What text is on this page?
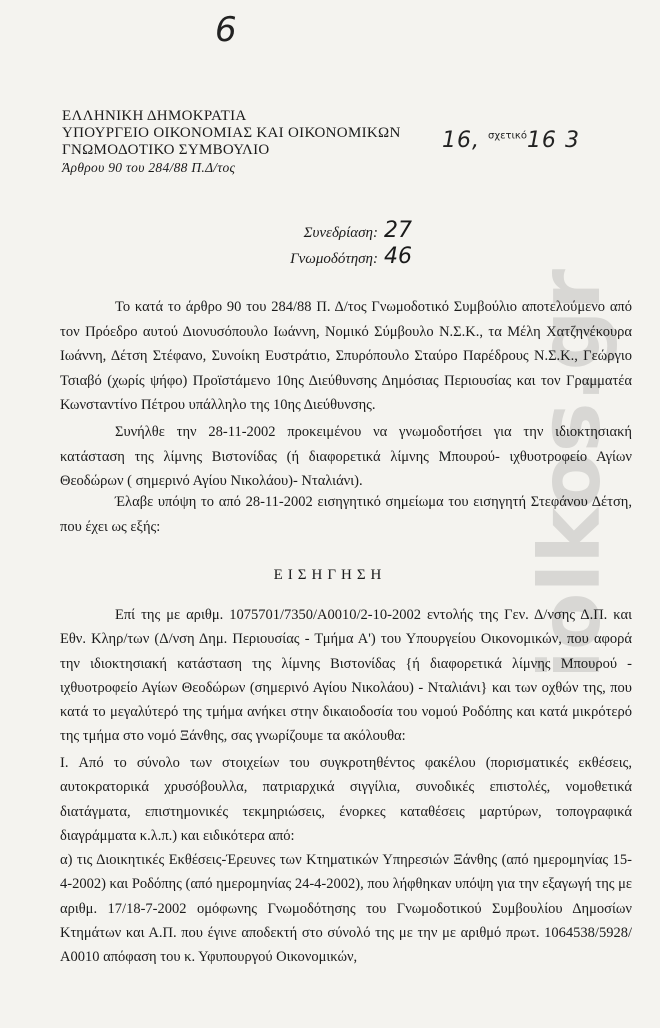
6
16, $^{\sigma\chi\varepsilon\tau\iota\kappa ό}$16 3
ΕΛΛΗΝΙΚΗ ΔΗΜΟΚΡΑΤΙΑ
ΥΠΟΥΡΓΕΙΟ ΟΙΚΟΝΟΜΙΑΣ ΚΑΙ ΟΙΚΟΝΟΜΙΚΩΝ
ΓΝΩΜΟΔΟΤΙΚΟ ΣΥΜΒΟΥΛΙΟ
Άρθρου 90 του 284/88 Π.Δ/τος
Συνεδρίαση: 27
Γνωμοδότηση: 46

Το κατά το άρθρο 90 του 284/88 Π. Δ/τος Γνωμοδοτικό Συμβούλιο αποτελούμενο από τον Πρόεδρο αυτού Διονυσόπουλο Ιωάννη, Νομικό Σύμβουλο Ν.Σ.Κ., τα Μέλη Χατζηνέκουρα Ιωάννη, Δέτση Στέφανο, Συνοίκη Ευστράτιο, Σπυρόπουλο Σταύρο Παρέδρους Ν.Σ.Κ., Γεώργιο Τσιαβό (χωρίς ψήφο) Προϊστάμενο 10ης Διεύθυνσης Δημόσιας Περιουσίας και τον Γραμματέα Κωνσταντίνο Πέτρου υπάλληλο της 10ης Διεύθυνσης.

Συνήλθε την 28-11-2002 προκειμένου να γνωμοδοτήσει για την ιδιοκτησιακή κατάσταση της λίμνης Βιστονίδας (ή διαφορετικά λίμνης Μπουρού- ιχθυοτροφείο Αγίων Θεοδώρων ( σημερινό Αγίου Νικολάου)- Νταλιάνι).

Έλαβε υπόψη το από 28-11-2002 εισηγητικό σημείωμα του εισηγητή Στεφάνου Δέτση, που έχει ως εξής:

ΕΙΣΗΓΗΣΗ

Επί της με αριθμ. 1075701/7350/Α0010/2-10-2002 εντολής της Γεν. Δ/νσης Δ.Π. και Εθν. Κληρ/των (Δ/νση Δημ. Περιουσίας - Τμήμα Α') του Υπουργείου Οικονομικών, που αφορά την ιδιοκτησιακή κατάσταση της λίμνης Βιστονίδας {ή διαφορετικά λίμνης Μπουρού - ιχθυοτροφείο Αγίων Θεοδώρων (σημερινό Αγίου Νικολάου) - Νταλιάνι} και των οχθών της, που κατά το μεγαλύτερό της τμήμα ανήκει στην δικαιοδοσία του νομού Ροδόπης και κατά μικρότερό της τμήμα στο νομό Ξάνθης, σας γνωρίζουμε τα ακόλουθα:

I. Από το σύνολο των στοιχείων του συγκροτηθέντος φακέλου (πορισματικές εκθέσεις, αυτοκρατορικά χρυσόβουλλα, πατριαρχικά σιγγίλια, συνοδικές επιστολές, νομοθετικά διατάγματα, επιστημονικές τεκμηριώσεις, ένορκες καταθέσεις μαρτύρων, τοπογραφικά διαγράμματα κ.λ.π.) και ειδικότερα από:

α) τις Διοικητικές Εκθέσεις-Έρευνες των Κτηματικών Υπηρεσιών Ξάνθης (από ημερομηνίας 15-4-2002) και Ροδόπης (από ημερομηνίας 24-4-2002), που λήφθηκαν υπόψη για την εξαγωγή της με αριθμ. 17/18-7-2002 ομόφωνης Γνωμοδότησης του Γνωμοδοτικού Συμβουλίου Δημοσίων Κτημάτων και Α.Π. που έγινε αποδεκτή στο σύνολό της με την με αριθμό πρωτ. 1064538/5928/Α0010 απόφαση του κ. Υφυπουργού Οικονομικών,

iolkos.gr
